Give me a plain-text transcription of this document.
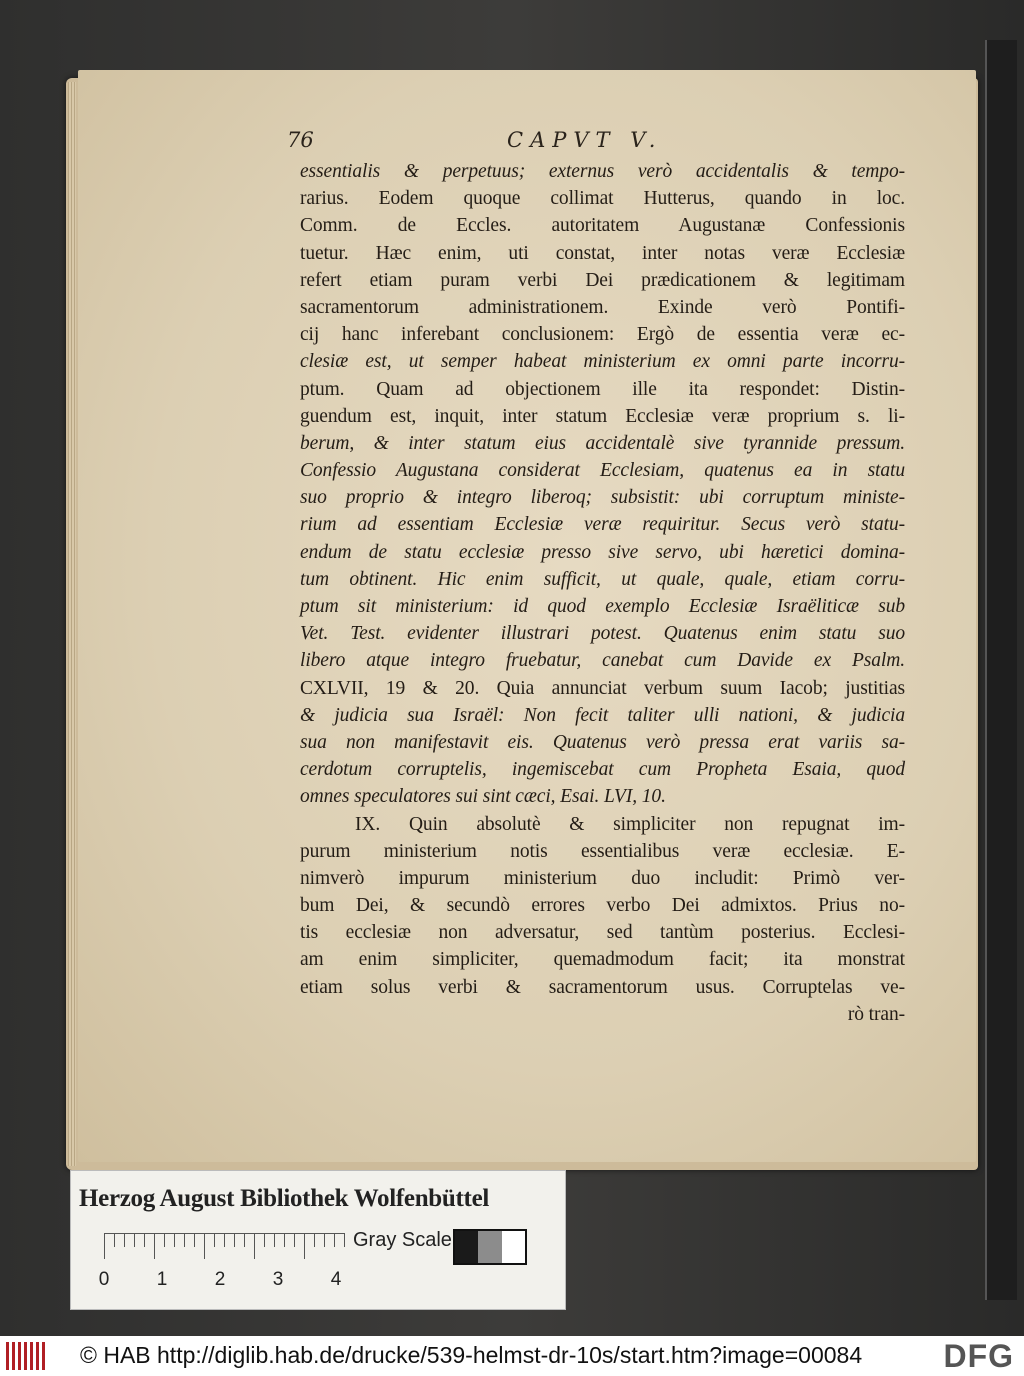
76	CAPVT V.
essentialis & perpetuus; externus verò accidentalis & tempo-
rarius. Eodem quoque collimat Hutterus, quando in loc.
Comm. de Eccles. autoritatem Augustanæ Confessionis
tuetur. Hæc enim, uti constat, inter notas veræ Ecclesiæ
refert etiam puram verbi Dei prædicationem & legitimam
sacramentorum administrationem. Exinde verò Pontifi-
cij hanc inferebant conclusionem: Ergò de essentia veræ ec-
clesiæ est, ut semper habeat ministerium ex omni parte incorru-
ptum. Quam ad objectionem ille ita respondet: Distin-
guendum est, inquit, inter statum Ecclesiæ veræ proprium s. li-
berum, & inter statum eius accidentalè sive tyrannide pressum.
Confessio Augustana considerat Ecclesiam, quatenus ea in statu
suo proprio & integro liberoq; subsistit: ubi corruptum ministe-
rium ad essentiam Ecclesiæ veræ requiritur. Secus verò statu-
endum de statu ecclesiæ presso sive servo, ubi hæretici domina-
tum obtinent. Hic enim sufficit, ut quale, quale, etiam corru-
ptum sit ministerium: id quod exemplo Ecclesiæ Israëliticæ sub
Vet. Test. evidenter illustrari potest. Quatenus enim statu suo
libero atque integro fruebatur, canebat cum Davide ex Psalm.
CXLVII, 19 & 20. Quia annunciat verbum suum Iacob; justitias
& judicia sua Israël: Non fecit taliter ulli nationi, & judicia
sua non manifestavit eis. Quatenus verò pressa erat variis sa-
cerdotum corruptelis, ingemiscebat cum Propheta Esaia, quod
omnes speculatores sui sint cæci, Esai. LVI, 10.
IX. Quin absolutè & simpliciter non repugnat im-
purum ministerium notis essentialibus veræ ecclesiæ. E-
nimverò impurum ministerium duo includit: Primò ver-
bum Dei, & secundò errores verbo Dei admixtos. Prius no-
tis ecclesiæ non adversatur, sed tantùm posterius. Ecclesi-
am enim simpliciter, quemadmodum facit; ita monstrat
etiam solus verbi & sacramentorum usus. Corruptelas ve-
rò tran-
Herzog August Bibliothek Wolfenbüttel
Gray Scale
0 1 2 3 4
© HAB http://diglib.hab.de/drucke/539-helmst-dr-10s/start.htm?image=00084	DFG
